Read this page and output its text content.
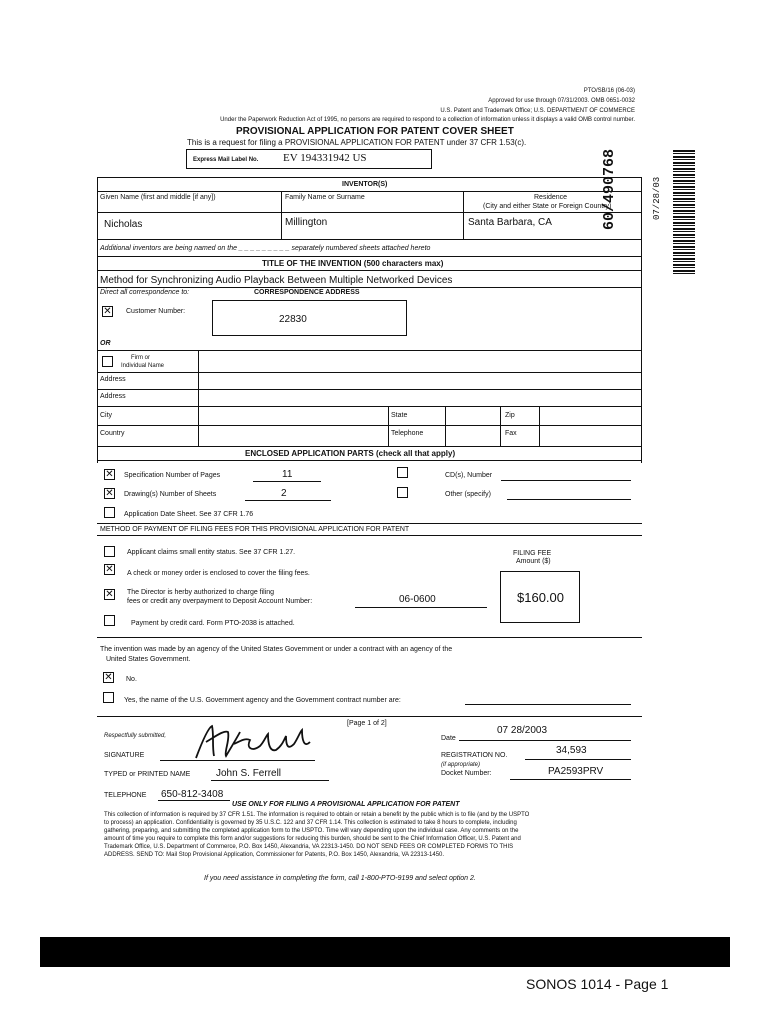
PTO/SB/16 (06-03)
Approved for use through 07/31/2003. OMB 0651-0032
U.S. Patent and Trademark Office; U.S. DEPARTMENT OF COMMERCE
Under the Paperwork Reduction Act of 1995, no persons are required to respond to a collection of information unless it displays a valid OMB control number.
PROVISIONAL APPLICATION FOR PATENT COVER SHEET
This is a request for filing a PROVISIONAL APPLICATION FOR PATENT under 37 CFR 1.53(c).
Express Mail Label No. EV 194331942 US
INVENTOR(S)
Given Name (first and middle [if any])	Family Name or Surname	Residence
(City and either State or Foreign Country)
Nicholas	Millington	Santa Barbara, CA
Additional inventors are being named on the _ _ _ _ _ _ _ _ _ separately numbered sheets attached hereto
TITLE OF THE INVENTION (500 characters max)
Method for Synchronizing Audio Playback Between Multiple Networked Devices
Direct all correspondence to:	CORRESPONDENCE ADDRESS
✕ Customer Number:
22830
OR
Firm or
Individual Name
Address
Address
City	State	Zip
Country	Telephone	Fax
ENCLOSED APPLICATION PARTS (check all that apply)
✕ Specification Number of Pages	11
✕ Drawing(s) Number of Sheets	2
Application Date Sheet. See 37 CFR 1.76
CD(s), Number
Other (specify)
METHOD OF PAYMENT OF FILING FEES FOR THIS PROVISIONAL APPLICATION FOR PATENT
Applicant claims small entity status. See 37 CFR 1.27.
✕ A check or money order is enclosed to cover the filing fees.
✕ The Director is herby authorized to charge filing
fees or credit any overpayment to Deposit Account Number:	06-0600
Payment by credit card. Form PTO-2038 is attached.
FILING FEE
Amount ($)
$160.00
The invention was made by an agency of the United States Government or under a contract with an agency of the
United States Government.
✕ No.
Yes, the name of the U.S. Government agency and the Government contract number are:
Respectfully submitted,
[Page 1 of 2]
Date
07 28/2003
SIGNATURE	REGISTRATION NO.	34,593
(if appropriate)
Docket Number:	PA2593PRV
TYPED or PRINTED NAME	John S. Ferrell
TELEPHONE 650-812-3408
USE ONLY FOR FILING A PROVISIONAL APPLICATION FOR PATENT
This collection of information is required by 37 CFR 1.51. The information is required to obtain or retain a benefit by the public which is to file (and by the USPTO
to process) an application. Confidentiality is governed by 35 U.S.C. 122 and 37 CFR 1.14. This collection is estimated to take 8 hours to complete, including
gathering, preparing, and submitting the completed application form to the USPTO. Time will vary depending upon the individual case. Any comments on the
amount of time you require to complete this form and/or suggestions for reducing this burden, should be sent to the Chief Information Officer, U.S. Patent and
Trademark Office, U.S. Department of Commerce, P.O. Box 1450, Alexandria, VA 22313-1450. DO NOT SEND FEES OR COMPLETED FORMS TO THIS
ADDRESS. SEND TO: Mail Stop Provisional Application, Commissioner for Patents, P.O. Box 1450, Alexandria, VA 22313-1450.
If you need assistance in completing the form, call 1-800-PTO-9199 and select option 2.
60/490768	07/28/03
SONOS 1014 - Page 1
